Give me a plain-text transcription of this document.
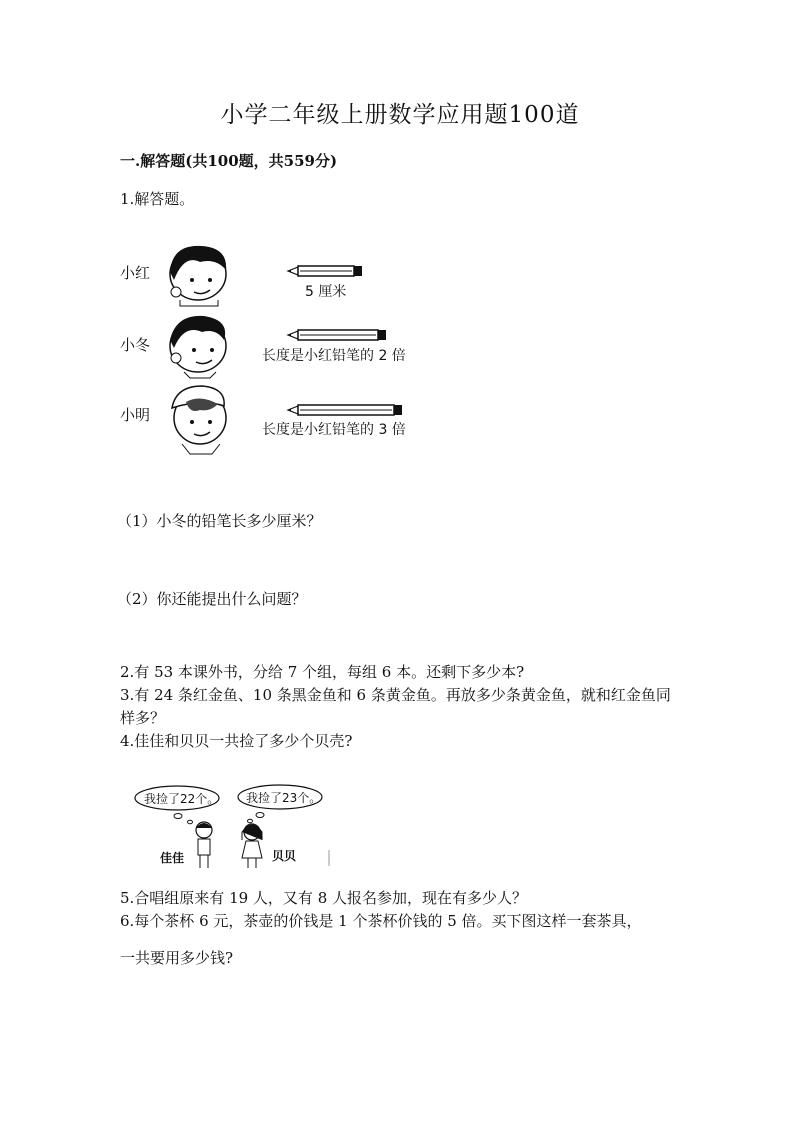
小学二年级上册数学应用题100道
一.解答题(共100题，共559分)
1.解答题。
小红
5 厘米
小冬
长度是小红铅笔的 2 倍
小明
长度是小红铅笔的 3 倍
（1）小冬的铅笔长多少厘米？
（2）你还能提出什么问题？
2.有 53 本课外书，分给 7 个组，每组 6 本。还剩下多少本?
3.有 24 条红金鱼、10 条黑金鱼和 6 条黄金鱼。再放多少条黄金鱼，就和红金鱼同样多？
4.佳佳和贝贝一共捡了多少个贝壳?
我捡了22个。 我捡了23个。
佳佳	贝贝
5.合唱组原来有 19 人，又有 8 人报名参加，现在有多少人？
6.每个茶杯 6 元，茶壶的价钱是 1 个茶杯价钱的 5 倍。买下图这样一套茶具，
一共要用多少钱?
